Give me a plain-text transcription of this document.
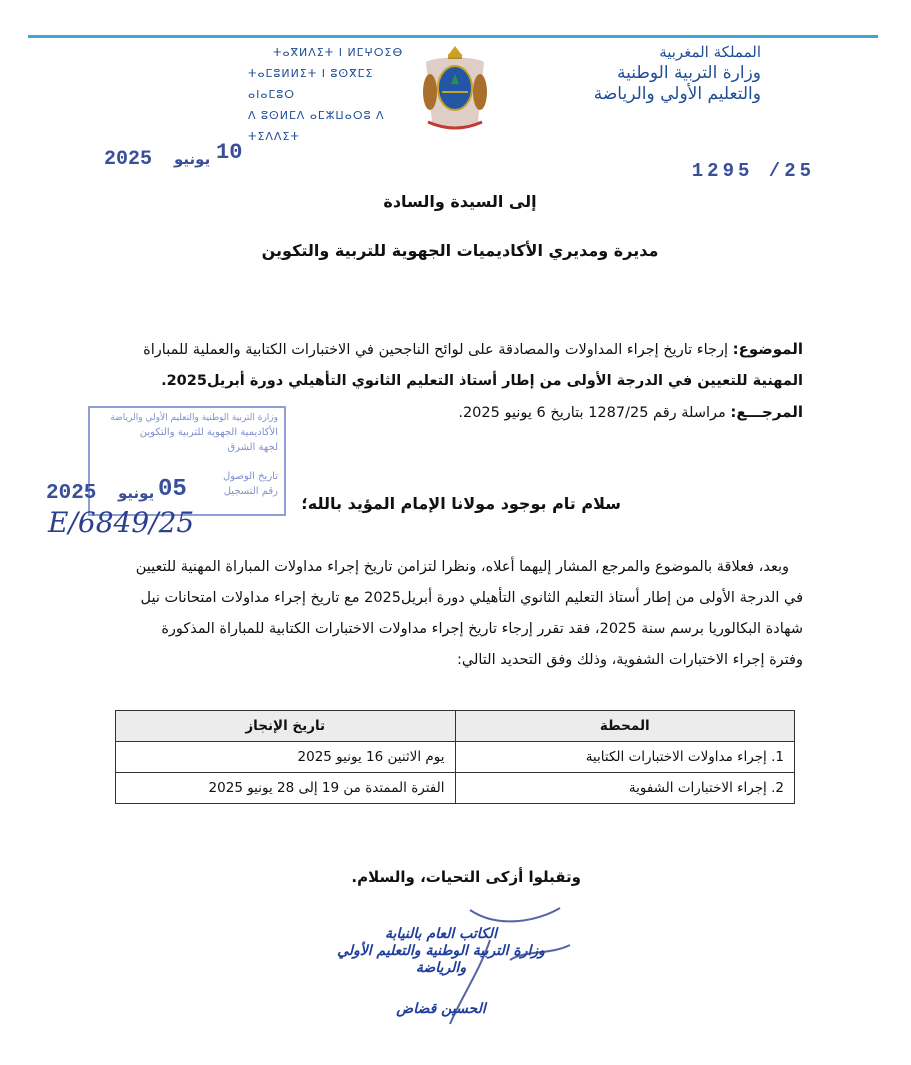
المملكة المغربية
وزارة التربية الوطنية
والتعليم الأولي والرياضة
ⵜⴰⴳⵍⴷⵉⵜ ⵏ ⵍⵎⵖⵔⵉⴱ
ⵜⴰⵎⵓⵍⵍⵉⵜ ⵏ ⵓⵙⴳⵎⵉ ⴰⵏⴰⵎⵓⵔ
ⴷ ⵓⵙⵍⵎⴷ ⴰⵎⵣⵡⴰⵔⵓ ⴷ ⵜⵉⴷⴷⵉⵜ
2025 يونيو 10
1295 /25
إلى السيدة والسادة
مديرة ومديري الأكاديميات الجهوية للتربية والتكوين
الموضوع: إرجاء تاريخ إجراء المداولات والمصادقة على لوائح الناجحين في الاختبارات الكتابية والعملية للمباراة
المهنية للتعيين في الدرجة الأولى من إطار أستاذ التعليم الثانوي التأهيلي دورة أبريل2025.
المرجـــع: مراسلة رقم 1287/25 بتاريخ 6 يونيو 2025.
وزارة التربية الوطنية والتعليم الأولي والرياضة
الأكاديمية الجهوية للتربية والتكوين
لجهة الشرق
تاريخ الوصول
رقم التسجيل
2025 يونيو 05
E/6849/25
سلام تام بوجود مولانا الإمام المؤيد بالله؛
وبعد، فعلاقة بالموضوع والمرجع المشار إليهما أعلاه، ونظرا لتزامن تاريخ إجراء مداولات المباراة المهنية للتعيين
في الدرجة الأولى من إطار أستاذ التعليم الثانوي التأهيلي دورة أبريل2025 مع تاريخ إجراء مداولات امتحانات نيل
شهادة البكالوريا برسم سنة 2025، فقد تقرر إرجاء تاريخ إجراء مداولات الاختبارات الكتابية للمباراة المذكورة
وفترة إجراء الاختبارات الشفوية، وذلك وفق التحديد التالي:
المحطة	تاريخ الإنجاز
1. إجراء مداولات الاختبارات الكتابية	يوم الاثنين 16 يونيو 2025
2. إجراء الاختبارات الشفوية	الفترة الممتدة من 19 إلى 28 يونيو 2025
وتقبلوا أزكى التحيات، والسلام.
الكاتب العام بالنيابة
وزارة التربية الوطنية والتعليم الأولي
والرياضة
الحسين قضاض
